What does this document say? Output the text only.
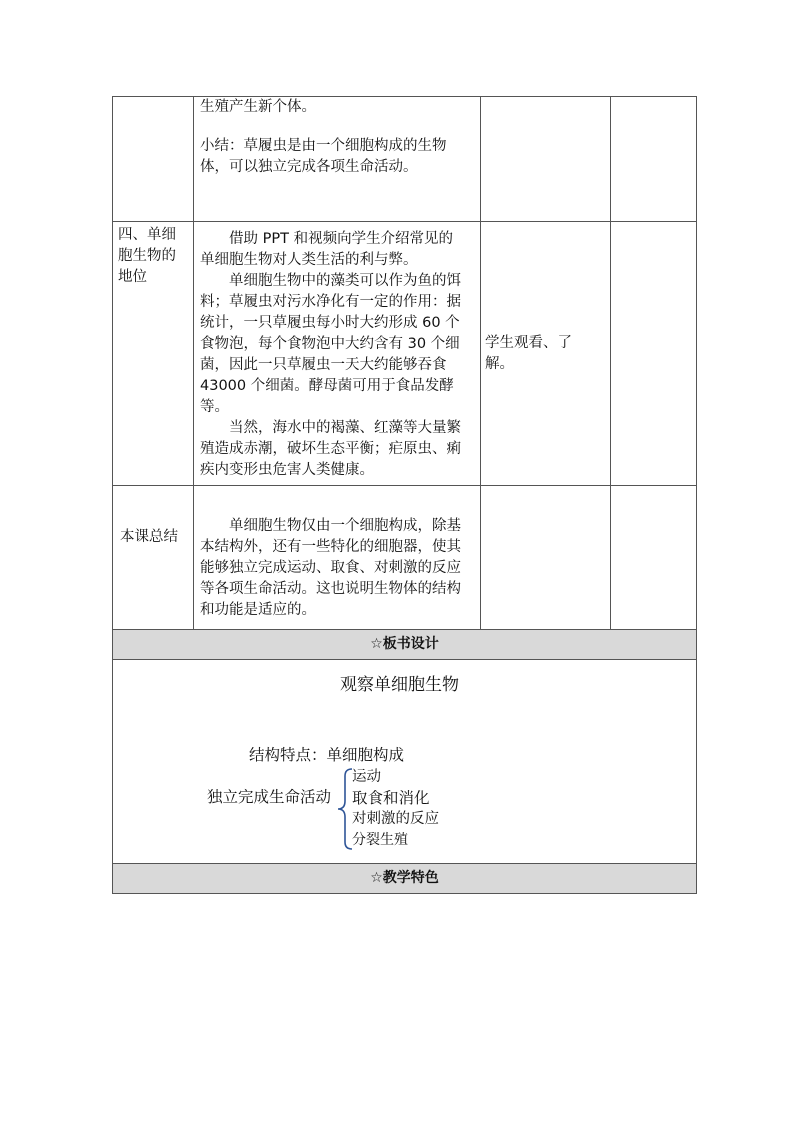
☆板书设计
☆教学特色

生殖产生新个体。

小结：草履虫是由一个细胞构成的生物体，可以独立完成各项生命活动。

四、单细胞生物的地位

借助 PPT 和视频向学生介绍常见的单细胞生物对人类生活的利与弊。

单细胞生物中的藻类可以作为鱼的饵料；草履虫对污水净化有一定的作用：据统计，一只草履虫每小时大约形成 60 个食物泡，每个食物泡中大约含有 30 个细菌，因此一只草履虫一天大约能够吞食 43000 个细菌。酵母菌可用于食品发酵等。

当然，海水中的褐藻、红藻等大量繁殖造成赤潮，破坏生态平衡；疟原虫、痢疾内变形虫危害人类健康。

学生观看、了解。
本课总结

单细胞生物仅由一个细胞构成，除基本结构外，还有一些特化的细胞器，使其能够独立完成运动、取食、对刺激的反应等各项生命活动。这也说明生物体的结构和功能是适应的。

观察单细胞生物
结构特点：单细胞构成
独立完成生命活动
运动
取食和消化
对刺激的反应
分裂生殖
